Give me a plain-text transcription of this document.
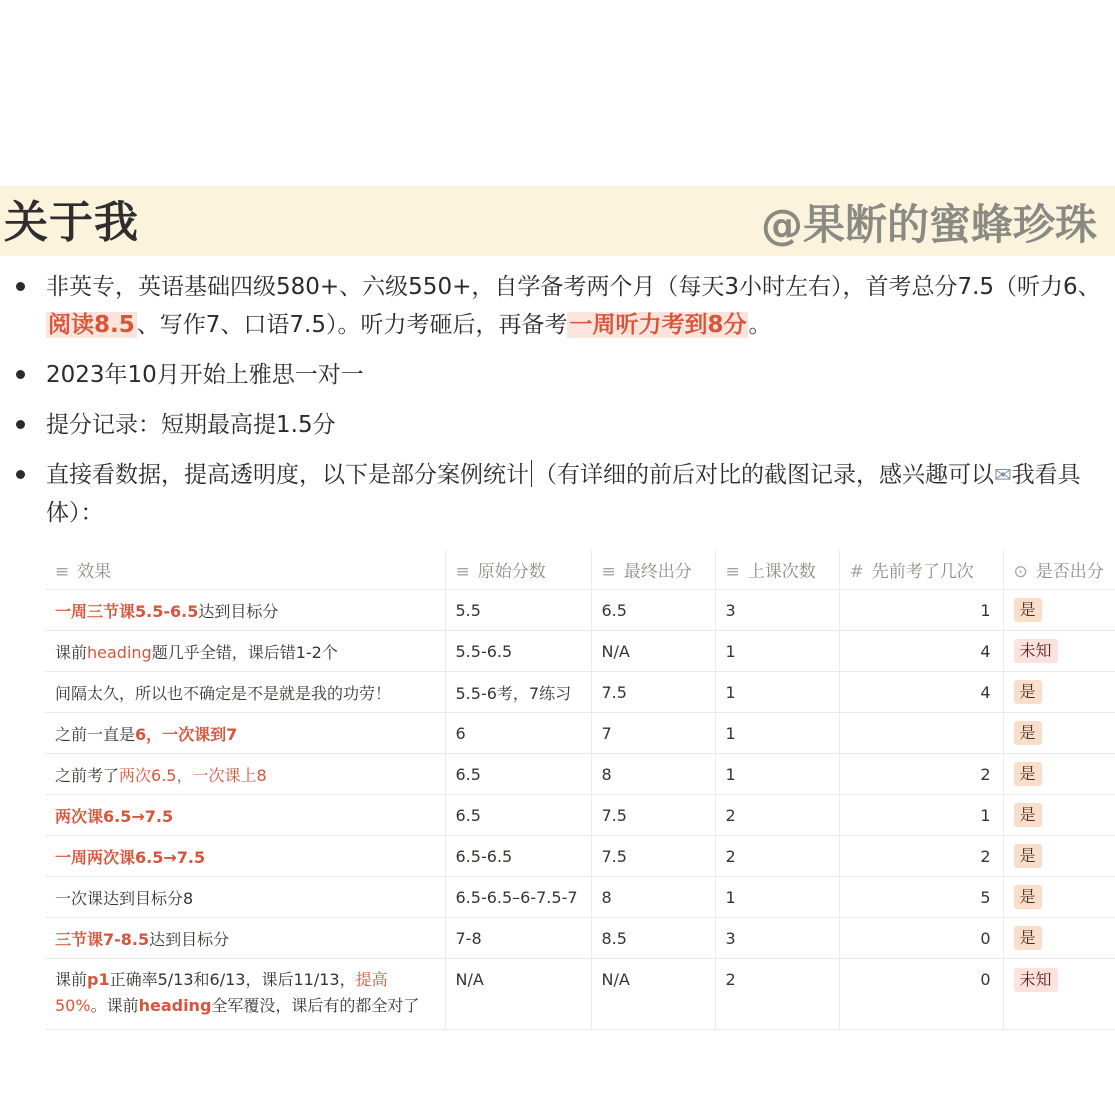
关于我	@果断的蜜蜂珍珠
非英专，英语基础四级580+、六级550+，自学备考两个月（每天3小时左右），首考总分7.5（听力6、阅读8.5、写作7、口语7.5）。听力考砸后，再备考一周听力考到8分。
2023年10月开始上雅思一对一
提分记录：短期最高提1.5分
直接看数据，提高透明度，以下是部分案例统计 （有详细的前后对比的截图记录，感兴趣可以✉我看具体）：
≡ 效果	≡ 原始分数	≡ 最终出分	≡ 上课次数	# 先前考了几次	⊙ 是否出分
一周三节课5.5-6.5达到目标分	5.5	6.5	3	1	是
课前heading题几乎全错，课后错1-2个	5.5-6.5	N/A	1	4	未知
间隔太久，所以也不确定是不是就是我的功劳！	5.5-6考，7练习	7.5	1	4	是
之前一直是6，一次课到7	6	7	1		是
之前考了两次6.5，一次课上8	6.5	8	1	2	是
两次课6.5→7.5	6.5	7.5	2	1	是
一周两次课6.5→7.5	6.5-6.5	7.5	2	2	是
一次课达到目标分8	6.5-6.5–6-7.5-7	8	1	5	是
三节课7-8.5达到目标分	7-8	8.5	3	0	是
课前p1正确率5/13和6/13，课后11/13，提高50%。课前heading全军覆没，课后有的都全对了	N/A	N/A	2	0	未知
